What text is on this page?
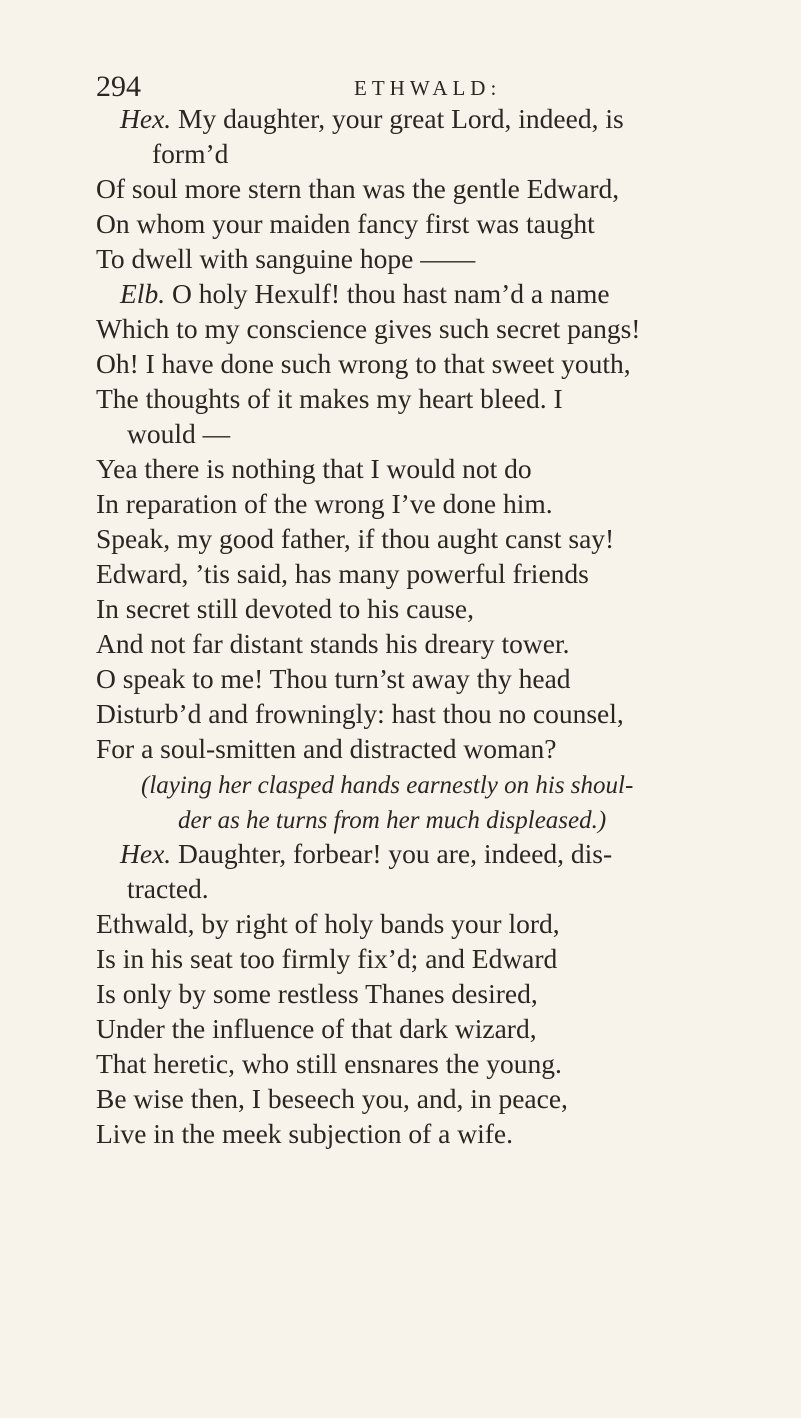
294	ETHWALD:
Hex. My daughter, your great Lord, indeed, is
form’d
Of soul more stern than was the gentle Edward,
On whom your maiden fancy first was taught
To dwell with sanguine hope ——
Elb. O holy Hexulf! thou hast nam’d a name
Which to my conscience gives such secret pangs!
Oh! I have done such wrong to that sweet youth,
The thoughts of it makes my heart bleed. I
would —
Yea there is nothing that I would not do
In reparation of the wrong I’ve done him.
Speak, my good father, if thou aught canst say!
Edward, ’tis said, has many powerful friends
In secret still devoted to his cause,
And not far distant stands his dreary tower.
O speak to me! Thou turn’st away thy head
Disturb’d and frowningly: hast thou no counsel,
For a soul-smitten and distracted woman?
(laying her clasped hands earnestly on his shoul-
der as he turns from her much displeased.)
Hex. Daughter, forbear! you are, indeed, dis-
tracted.
Ethwald, by right of holy bands your lord,
Is in his seat too firmly fix’d; and Edward
Is only by some restless Thanes desired,
Under the influence of that dark wizard,
That heretic, who still ensnares the young.
Be wise then, I beseech you, and, in peace,
Live in the meek subjection of a wife.
